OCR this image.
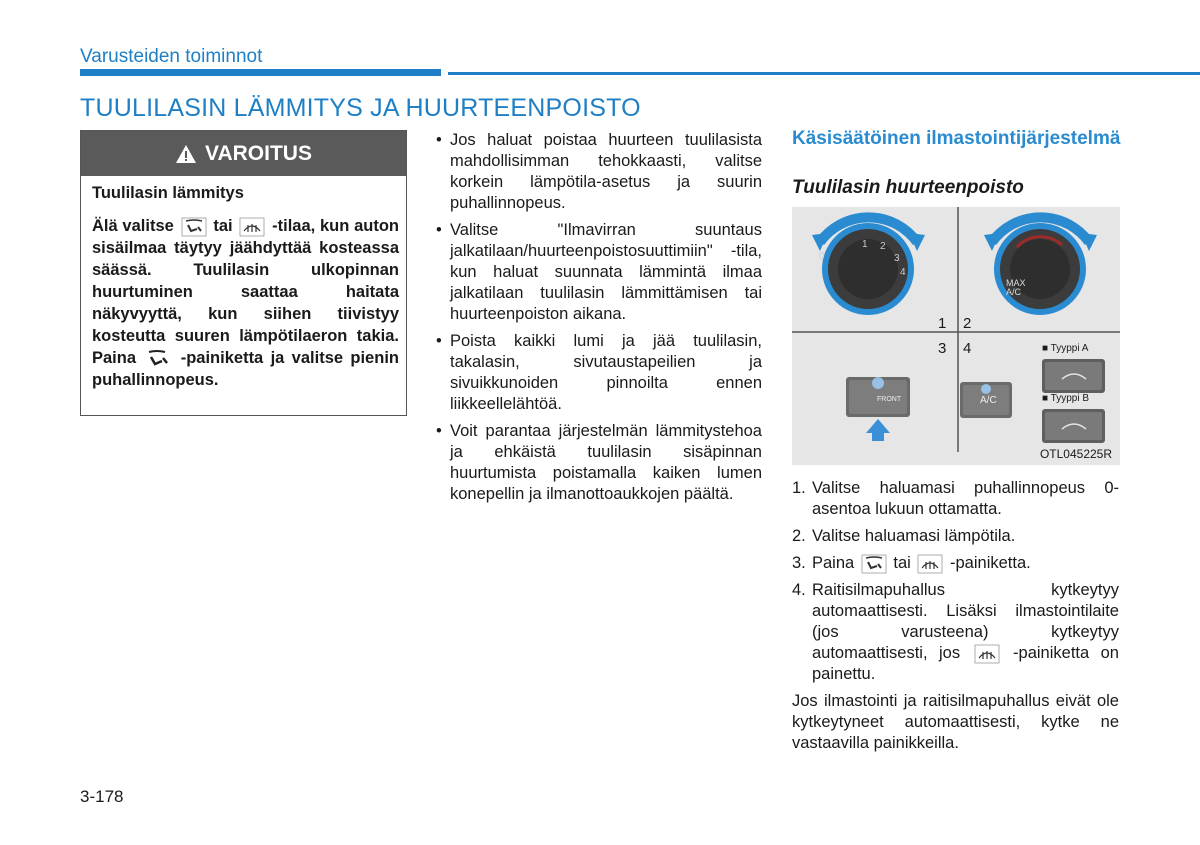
Varusteiden toiminnot
TUULILASIN LÄMMITYS JA HUURTEENPOISTO
VAROITUS
Tuulilasin lämmitys
Älä valitse tai -tilaa, kun auton sisäilmaa täytyy jäähdyttää kosteassa säässä. Tuulilasin ulkopinnan huurtuminen saattaa haitata näkyvyyttä, kun siihen tiivistyy kosteutta suuren lämpötilaeron takia. Paina	-painiketta ja valitse pienin puhallinnopeus.
• Jos haluat poistaa huurteen tuulilasista mahdollisimman tehokkaasti, valitse korkein lämpötila-asetus ja suurin puhallinnopeus.
• Valitse "Ilmavirran suuntaus jalkatilaan/huurteenpoistosuuttimiin" -tila, kun haluat suunnata lämmintä ilmaa jalkatilaan tuulilasin lämmittämisen tai huurteenpoiston aikana.
• Poista kaikki lumi ja jää tuulilasin, takalasin, sivutaustapeilien ja sivuikkunoiden pinnoilta ennen liikkeellelähtöä.
• Voit parantaa järjestelmän lämmitystehoa ja ehkäistä tuulilasin sisäpinnan huurtumista poistamalla kaiken lumen konepellin ja ilmanottoaukkojen päältä.
Käsisäätöinen ilmastointijärjestelmä
Tuulilasin huurteenpoisto
0
1 2
3
4
MAX A/C
1 2
3 4
FRONT	A/C
■ Tyyppi A
■ Tyyppi B
OTL045225R
1. Valitse haluamasi puhallinnopeus 0-asentoa lukuun ottamatta.
2. Valitse haluamasi lämpötila.
3. Paina tai -painiketta.
4. Raitisilmapuhallus kytkeytyy automaattisesti. Lisäksi ilmastointilaite (jos varusteena) kytkeytyy automaattisesti, jos	-painiketta on painettu.
Jos ilmastointi ja raitisilmapuhallus eivät ole kytkeytyneet automaattisesti, kytke ne vastaavilla painikkeilla.
3-178
